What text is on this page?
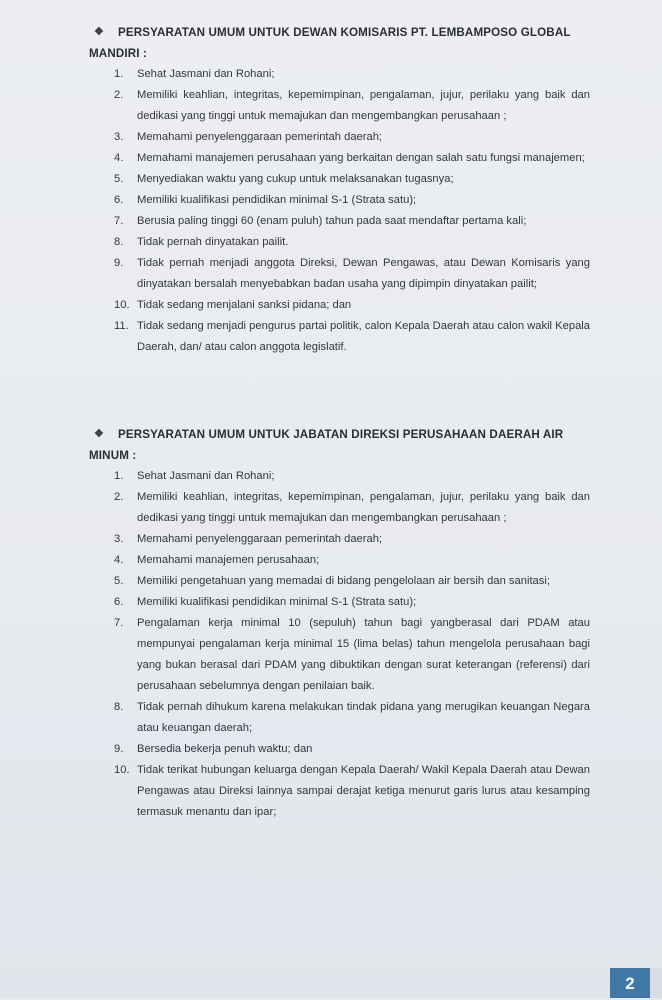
❖ PERSYARATAN UMUM UNTUK DEWAN KOMISARIS PT. LEMBAMPOSO GLOBAL
MANDIRI :
1. Sehat Jasmani dan Rohani;
2. Memiliki keahlian, integritas, kepemimpinan, pengalaman, jujur, perilaku yang baik dan dedikasi yang tinggi untuk memajukan dan mengembangkan perusahaan ;
3. Memahami penyelenggaraan pemerintah daerah;
4. Memahami manajemen perusahaan yang berkaitan dengan salah satu fungsi manajemen;
5. Menyediakan waktu yang cukup untuk melaksanakan tugasnya;
6. Memiliki kualifikasi pendidikan minimal S-1 (Strata satu);
7. Berusia paling tinggi 60 (enam puluh) tahun pada saat mendaftar pertama kali;
8. Tidak pernah dinyatakan pailit.
9. Tidak pernah menjadi anggota Direksi, Dewan Pengawas, atau Dewan Komisaris yang dinyatakan bersalah menyebabkan badan usaha yang dipimpin dinyatakan pailit;
10. Tidak sedang menjalani sanksi pidana; dan
11. Tidak sedang menjadi pengurus partai politik, calon Kepala Daerah atau calon wakil Kepala Daerah, dan/ atau calon anggota legislatif.
❖ PERSYARATAN UMUM UNTUK JABATAN DIREKSI PERUSAHAAN DAERAH AIR
MINUM :
1. Sehat Jasmani dan Rohani;
2. Memiliki keahlian, integritas, kepemimpinan, pengalaman, jujur, perilaku yang baik dan dedikasi yang tinggi untuk memajukan dan mengembangkan perusahaan ;
3. Memahami penyelenggaraan pemerintah daerah;
4. Memahami manajemen perusahaan;
5. Memiliki pengetahuan yang memadai di bidang pengelolaan air bersih dan sanitasi;
6. Memiliki kualifikasi pendidikan minimal S-1 (Strata satu);
7. Pengalaman kerja minimal 10 (sepuluh) tahun bagi yangberasal dari PDAM atau mempunyai pengalaman kerja minimal 15 (lima belas) tahun mengelola perusahaan bagi yang bukan berasal dari PDAM yang dibuktikan dengan surat keterangan (referensi) dari perusahaan sebelumnya dengan penilaian baik.
8. Tidak pernah dihukum karena melakukan tindak pidana yang merugikan keuangan Negara atau keuangan daerah;
9. Bersedia bekerja penuh waktu; dan
10. Tidak terikat hubungan keluarga dengan Kepala Daerah/ Wakil Kepala Daerah atau Dewan Pengawas atau Direksi lainnya sampai derajat ketiga menurut garis lurus atau kesamping termasuk menantu dan ipar;
2
